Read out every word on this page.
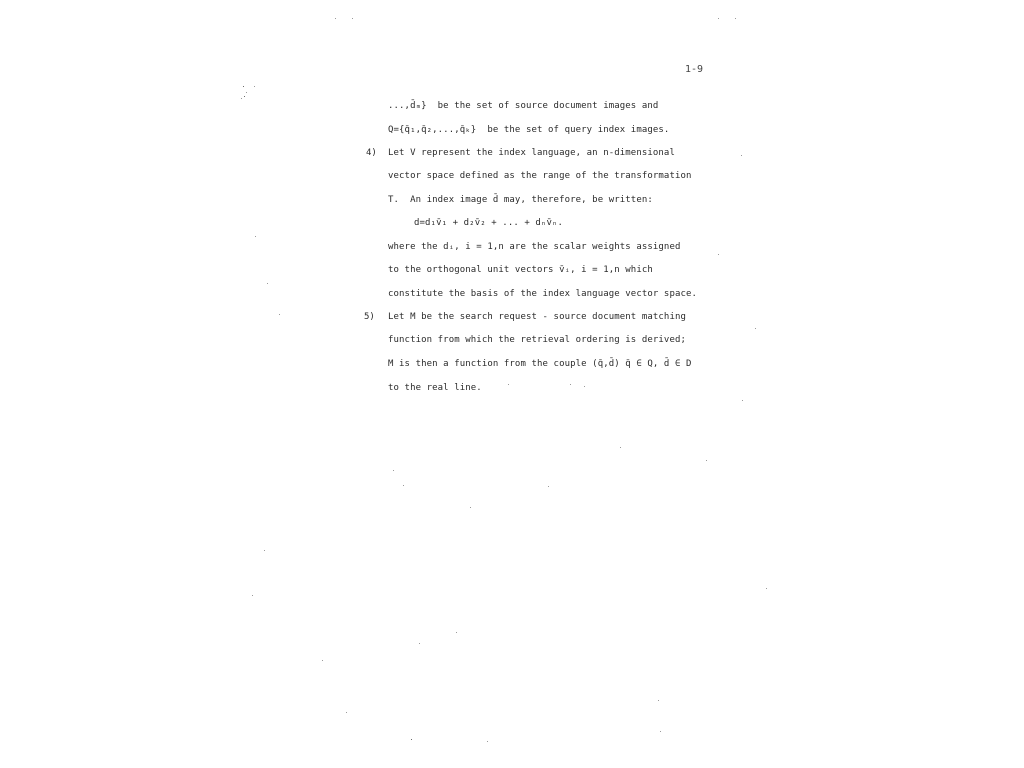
1-9
...,d̄ₘ}  be the set of source document images and
Q={q̄₁,q̄₂,...,q̄ₖ}  be the set of query index images.
4) Let V represent the index language, an n-dimensional
vector space defined as the range of the transformation
T.  An index image d̄ may, therefore, be written:
d=d₁v̄₁ + d₂v̄₂ + ... + dₙv̄ₙ.
where the dᵢ, i = 1,n are the scalar weights assigned
to the orthogonal unit vectors v̄ᵢ, i = 1,n which
constitute the basis of the index language vector space.
5) Let M be the search request - source document matching
function from which the retrieval ordering is derived;
M is then a function from the couple (q̄,d̄) q̄ ∈ Q, d̄ ∈ D
to the real line.
